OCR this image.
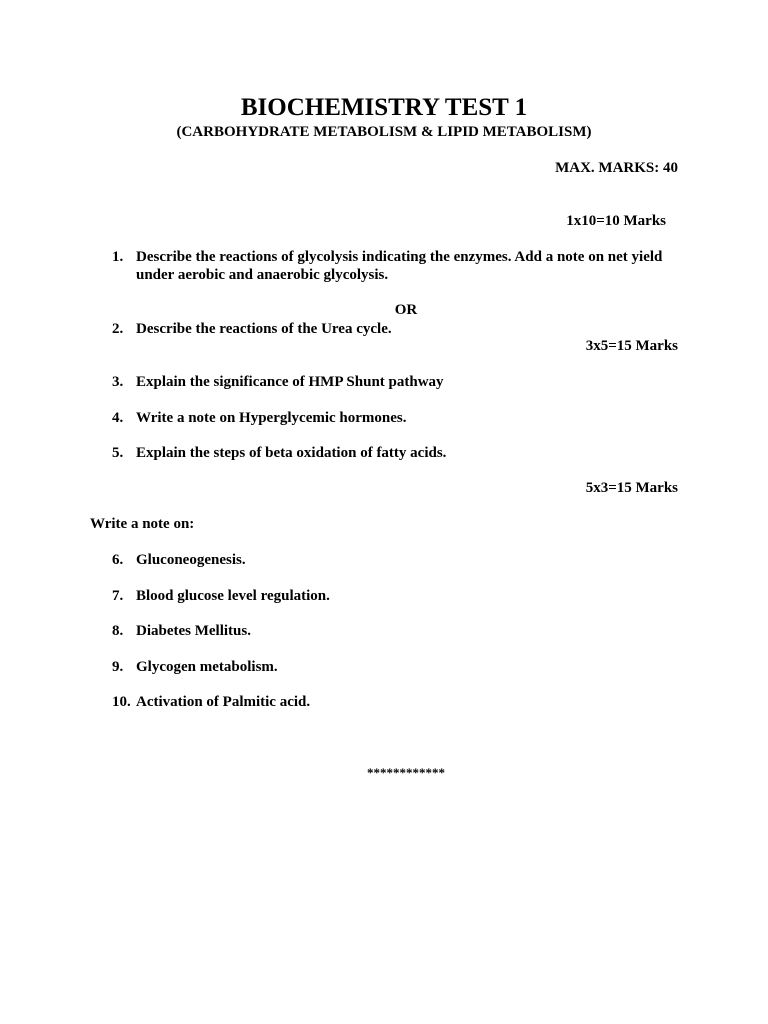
BIOCHEMISTRY TEST 1
(CARBOHYDRATE METABOLISM & LIPID METABOLISM)
MAX. MARKS: 40
1x10=10 Marks
1. Describe the reactions of glycolysis indicating the enzymes. Add a note on net yield under aerobic and anaerobic glycolysis.
OR
2. Describe the reactions of the Urea cycle.
3x5=15 Marks
3. Explain the significance of HMP Shunt pathway
4. Write a note on Hyperglycemic hormones.
5. Explain the steps of beta oxidation of fatty acids.
5x3=15 Marks
Write a note on:
6. Gluconeogenesis.
7. Blood glucose level regulation.
8. Diabetes Mellitus.
9. Glycogen metabolism.
10. Activation of Palmitic acid.
************
